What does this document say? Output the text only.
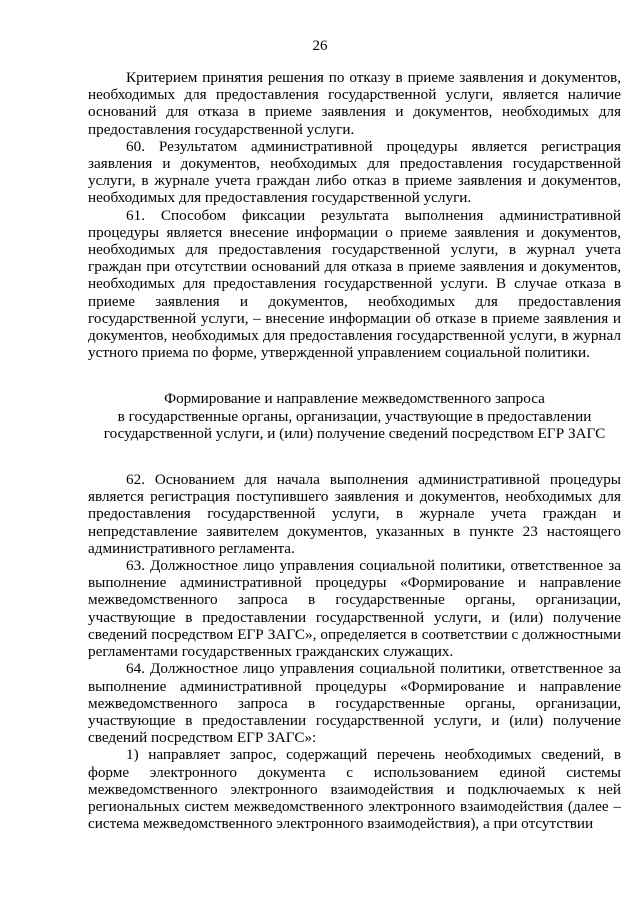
26

Критерием принятия решения по отказу в приеме заявления и документов, необходимых для предоставления государственной услуги, является наличие оснований для отказа в приеме заявления и документов, необходимых для предоставления государственной услуги.

60. Результатом административной процедуры является регистрация заявления и документов, необходимых для предоставления государственной услуги, в журнале учета граждан либо отказ в приеме заявления и документов, необходимых для предоставления государственной услуги.

61. Способом фиксации результата выполнения административной процедуры является внесение информации о приеме заявления и документов, необходимых для предоставления государственной услуги, в журнал учета граждан при отсутствии оснований для отказа в приеме заявления и документов, необходимых для предоставления государственной услуги. В случае отказа в приеме заявления и документов, необходимых для предоставления государственной услуги, – внесение информации об отказе в приеме заявления и документов, необходимых для предоставления государственной услуги, в журнал устного приема по форме, утвержденной управлением социальной политики.

Формирование и направление межведомственного запроса
в государственные органы, организации, участвующие в предоставлении
государственной услуги, и (или) получение сведений посредством ЕГР ЗАГС

62. Основанием для начала выполнения административной процедуры является регистрация поступившего заявления и документов, необходимых для предоставления государственной услуги, в журнале учета граждан и непредставление заявителем документов, указанных в пункте 23 настоящего административного регламента.

63. Должностное лицо управления социальной политики, ответственное за выполнение административной процедуры «Формирование и направление межведомственного запроса в государственные органы, организации, участвующие в предоставлении государственной услуги, и (или) получение сведений посредством ЕГР ЗАГС», определяется в соответствии с должностными регламентами государственных гражданских служащих.

64. Должностное лицо управления социальной политики, ответственное за выполнение административной процедуры «Формирование и направление межведомственного запроса в государственные органы, организации, участвующие в предоставлении государственной услуги, и (или) получение сведений посредством ЕГР ЗАГС»:

1) направляет запрос, содержащий перечень необходимых сведений, в форме электронного документа с использованием единой системы межведомственного электронного взаимодействия и подключаемых к ней региональных систем межведомственного электронного взаимодействия (далее – система межведомственного электронного взаимодействия), а при отсутствии
